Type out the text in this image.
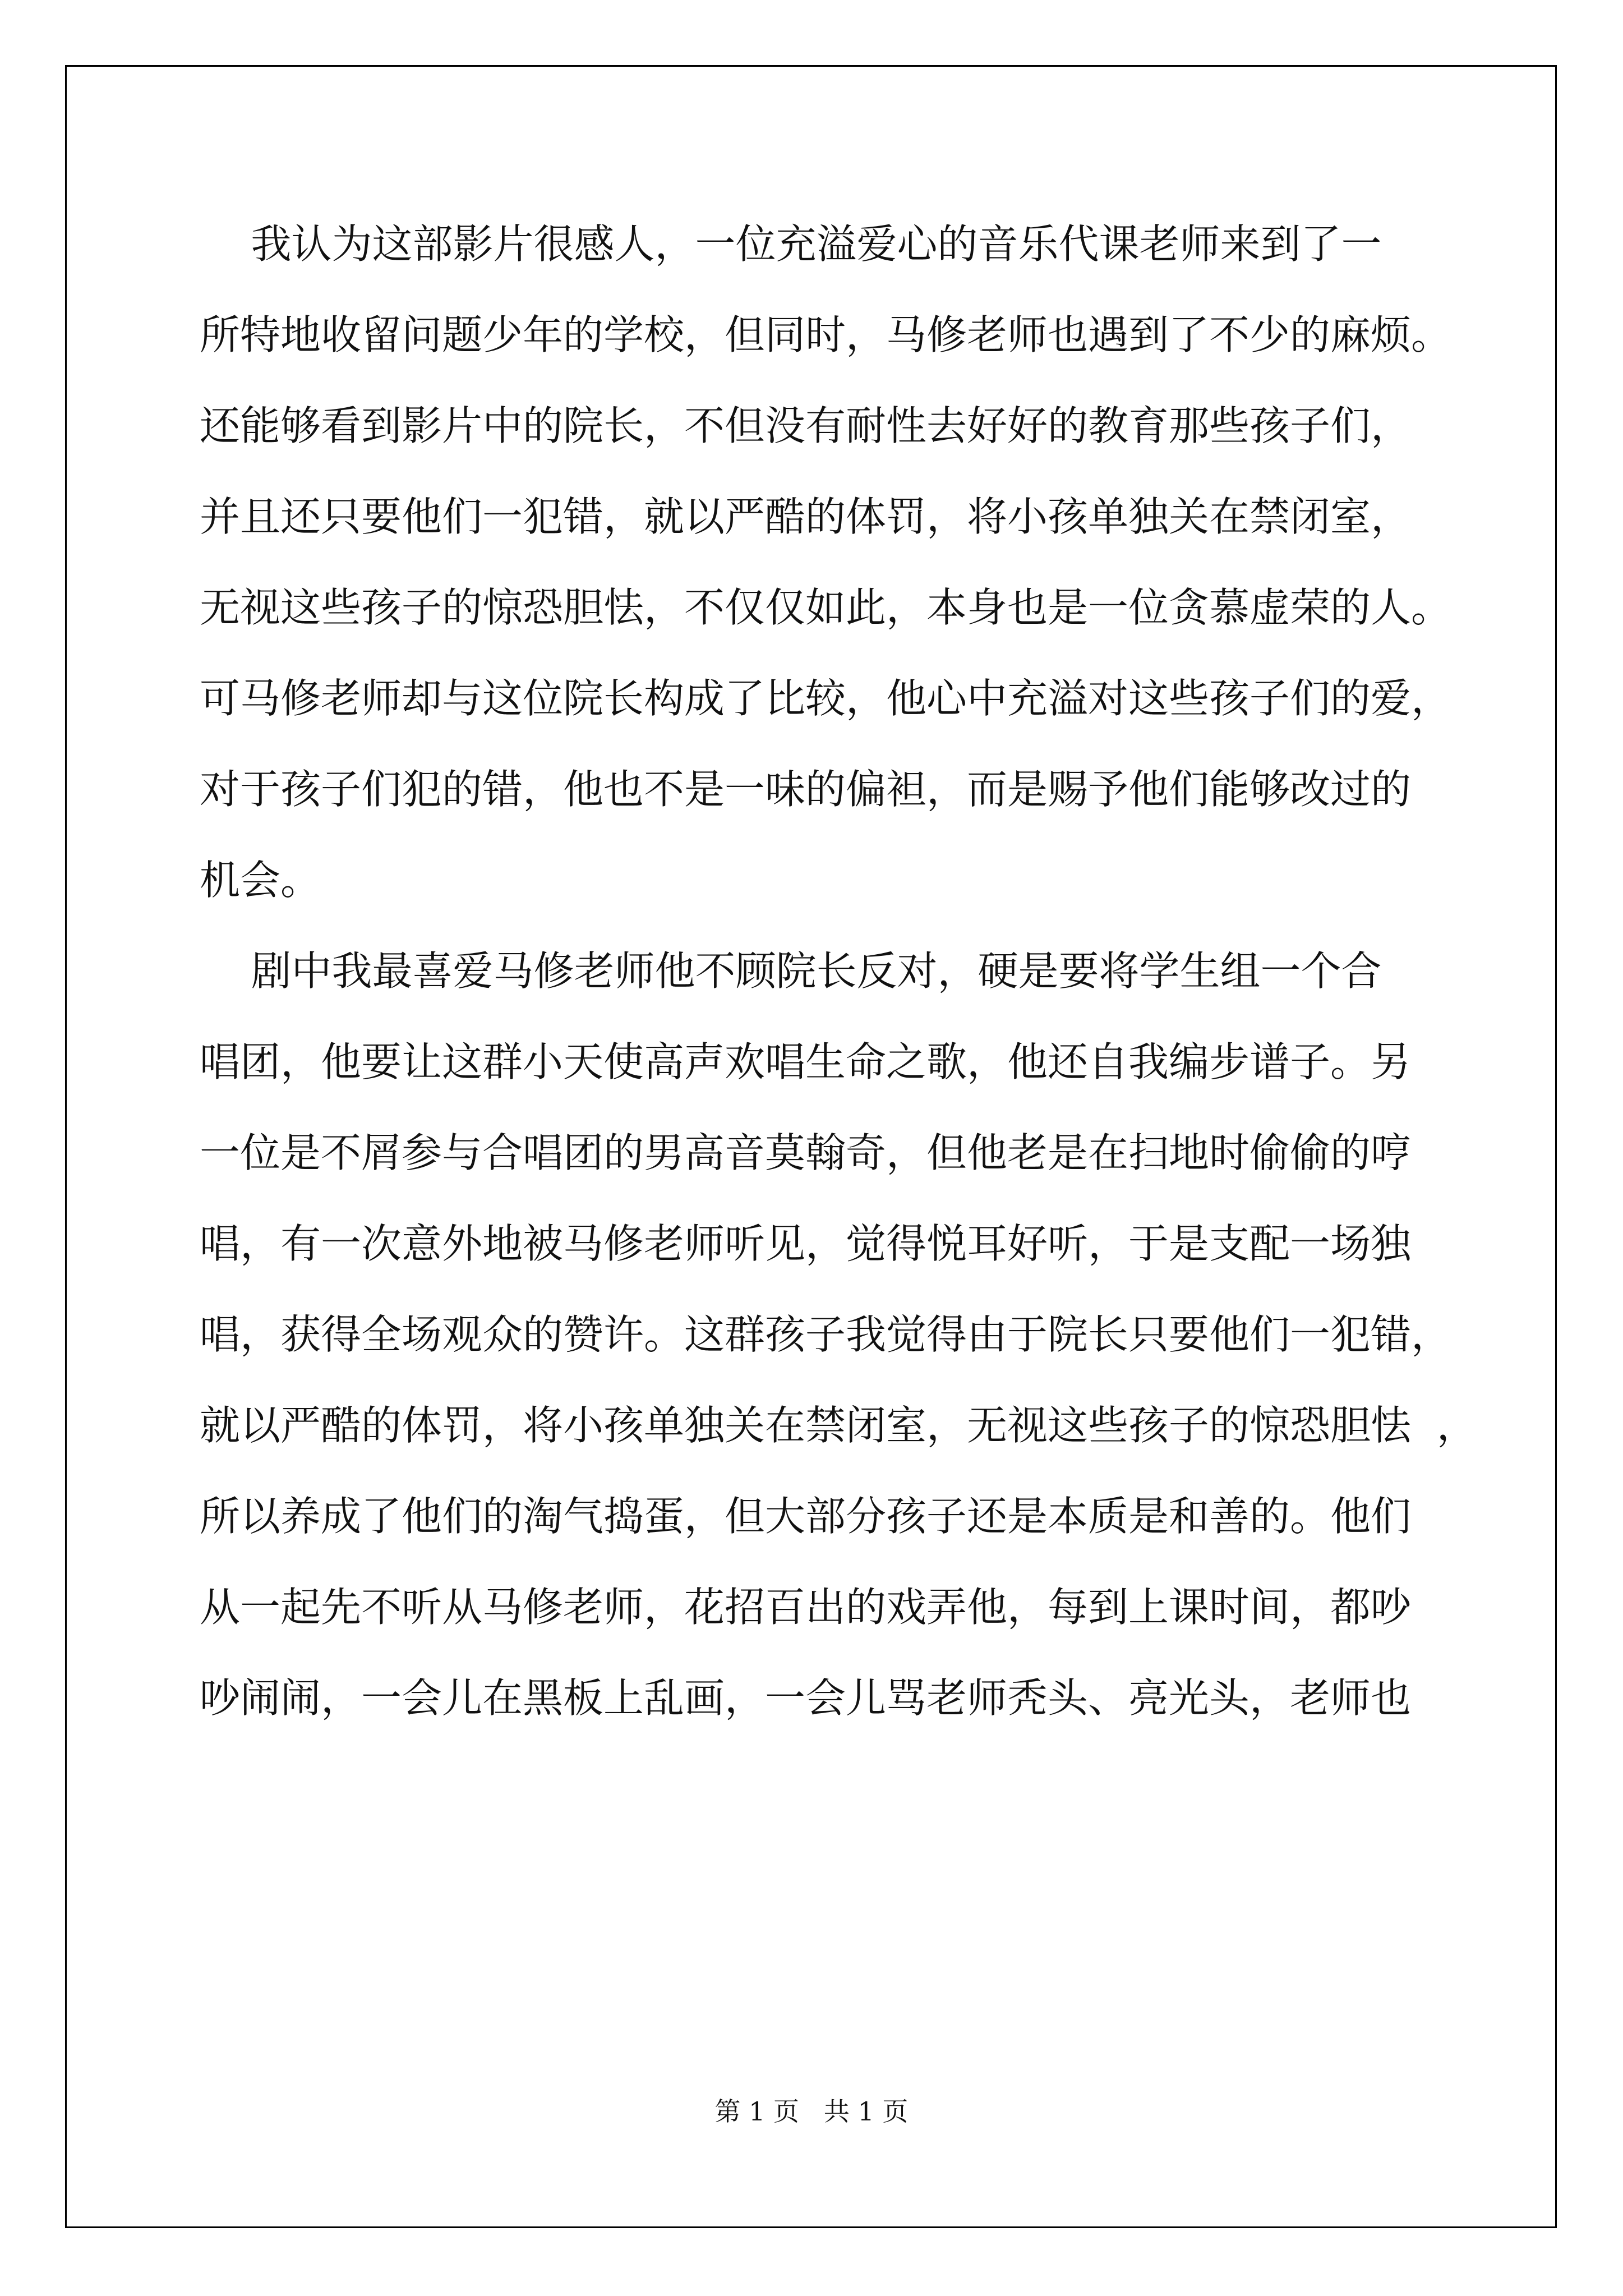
我认为这部影片很感人，一位充溢爱心的音乐代课老师来到了一
所特地收留问题少年的学校，但同时，马修老师也遇到了不少的麻烦。
还能够看到影片中的院长，不但没有耐性去好好的教育那些孩子们，
并且还只要他们一犯错，就以严酷的体罚，将小孩单独关在禁闭室，
无视这些孩子的惊恐胆怯，不仅仅如此，本身也是一位贪慕虚荣的人。
可马修老师却与这位院长构成了比较，他心中充溢对这些孩子们的爱，
对于孩子们犯的错，他也不是一味的偏袒，而是赐予他们能够改过的
机会。
剧中我最喜爱马修老师他不顾院长反对，硬是要将学生组一个合
唱团，他要让这群小天使高声欢唱生命之歌，他还自我编步谱子。另
一位是不屑参与合唱团的男高音莫翰奇，但他老是在扫地时偷偷的哼
唱，有一次意外地被马修老师听见，觉得悦耳好听，于是支配一场独
唱，获得全场观众的赞许。这群孩子我觉得由于院长只要他们一犯错，
就以严酷的体罚，将小孩单独关在禁闭室，无视这些孩子的惊恐胆怯  ，
所以养成了他们的淘气捣蛋，但大部分孩子还是本质是和善的。他们
从一起先不听从马修老师，花招百出的戏弄他，每到上课时间，都吵
吵闹闹，一会儿在黑板上乱画，一会儿骂老师秃头、亮光头，老师也
第 1 页   共 1 页
